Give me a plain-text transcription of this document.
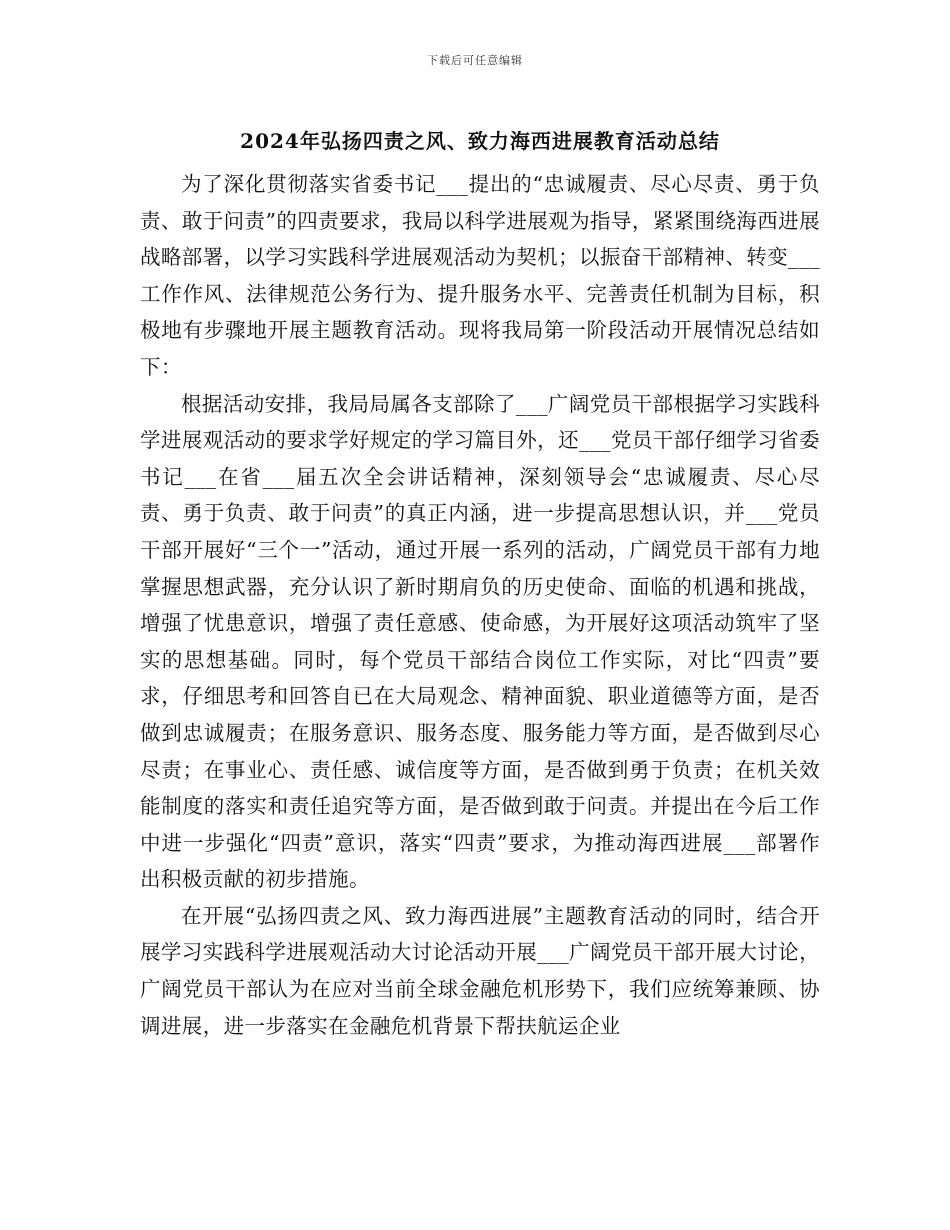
下载后可任意编辑
2024年弘扬四责之风、致力海西进展教育活动总结

为了深化贯彻落实省委书记___提出的“忠诚履责、尽心尽责、勇于负责、敢于问责”的四责要求，我局以科学进展观为指导，紧紧围绕海西进展战略部署，以学习实践科学进展观活动为契机；以振奋干部精神、转变___工作作风、法律规范公务行为、提升服务水平、完善责任机制为目标，积极地有步骤地开展主题教育活动。现将我局第一阶段活动开展情况总结如下：

根据活动安排，我局局属各支部除了___广阔党员干部根据学习实践科学进展观活动的要求学好规定的学习篇目外，还___党员干部仔细学习省委书记___在省___届五次全会讲话精神，深刻领导会“忠诚履责、尽心尽责、勇于负责、敢于问责”的真正内涵，进一步提高思想认识，并___党员干部开展好“三个一”活动，通过开展一系列的活动，广阔党员干部有力地掌握思想武器，充分认识了新时期肩负的历史使命、面临的机遇和挑战，增强了忧患意识，增强了责任意感、使命感，为开展好这项活动筑牢了坚实的思想基础。同时，每个党员干部结合岗位工作实际，对比“四责”要求，仔细思考和回答自已在大局观念、精神面貌、职业道德等方面，是否做到忠诚履责；在服务意识、服务态度、服务能力等方面，是否做到尽心尽责；在事业心、责任感、诚信度等方面，是否做到勇于负责；在机关效能制度的落实和责任追究等方面，是否做到敢于问责。并提出在今后工作中进一步强化“四责”意识，落实“四责”要求，为推动海西进展___部署作出积极贡献的初步措施。

在开展“弘扬四责之风、致力海西进展”主题教育活动的同时，结合开展学习实践科学进展观活动大讨论活动开展___广阔党员干部开展大讨论，广阔党员干部认为在应对当前全球金融危机形势下，我们应统筹兼顾、协调进展，进一步落实在金融危机背景下帮扶航运企业
